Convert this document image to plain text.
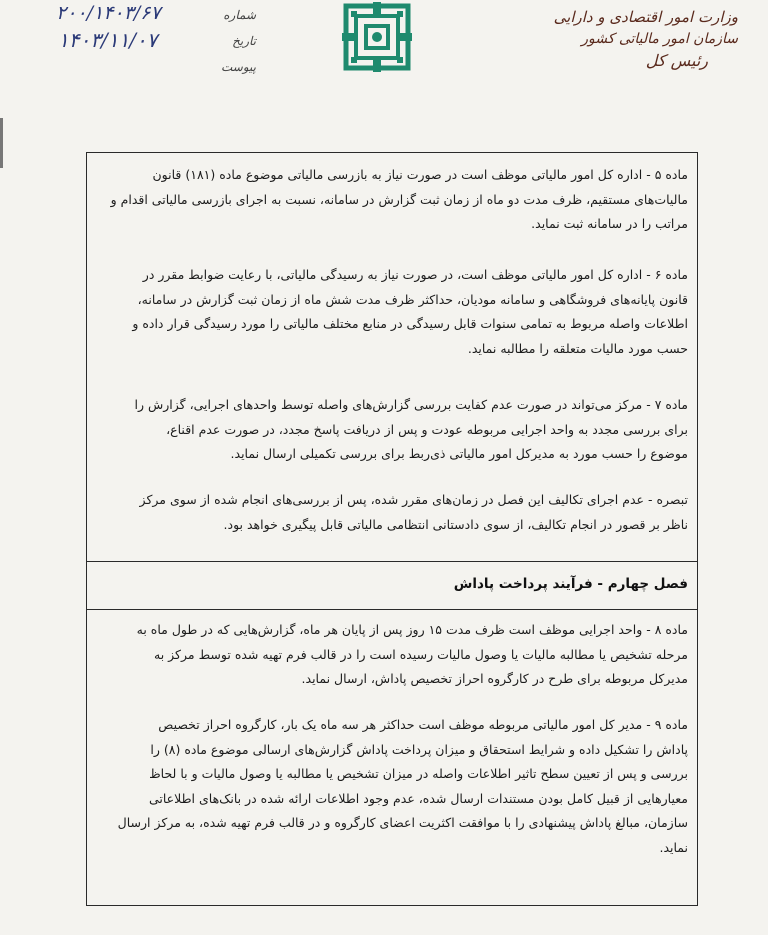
وزارت امور اقتصادی و دارایی
سازمان امور مالیاتی کشور
رئیس کل
شماره
۲۰۰/۱۴۰۳/۶۷
تاریخ
۱۴۰۳/۱۱/۰۷
پیوست
ماده ۵ - اداره کل امور مالیاتی موظف است در صورت نیاز به بازرسی مالیاتی موضوع ماده (۱۸۱) قانون
مالیات‌های مستقیم، ظرف مدت دو ماه از زمان ثبت گزارش در سامانه، نسبت به اجرای بازرسی مالیاتی اقدام و
مراتب را در سامانه ثبت نماید.
ماده ۶ - اداره کل امور مالیاتی موظف است، در صورت نیاز به رسیدگی مالیاتی، با رعایت ضوابط مقرر در
قانون پایانه‌های فروشگاهی و سامانه مودیان، حداکثر ظرف مدت شش ماه از زمان ثبت گزارش در سامانه،
اطلاعات واصله مربوط به تمامی سنوات قابل رسیدگی در منابع مختلف مالیاتی را مورد رسیدگی قرار داده و
حسب مورد مالیات متعلقه را مطالبه نماید.
ماده ۷ - مرکز می‌تواند در صورت عدم کفایت بررسی گزارش‌های واصله توسط واحدهای اجرایی، گزارش را
برای بررسی مجدد به واحد اجرایی مربوطه عودت و پس از دریافت پاسخ مجدد، در صورت عدم اقناع،
موضوع را حسب مورد به مدیرکل امور مالیاتی ذی‌ربط برای بررسی تکمیلی ارسال نماید.
تبصره - عدم اجرای تکالیف این فصل در زمان‌های مقرر شده، پس از بررسی‌های انجام شده از سوی مرکز
ناظر بر قصور در انجام تکالیف، از سوی دادستانی انتظامی مالیاتی قابل پیگیری خواهد بود.
فصل چهارم - فرآیند پرداخت پاداش
ماده ۸ - واحد اجرایی موظف است ظرف مدت ۱۵ روز پس از پایان هر ماه، گزارش‌هایی که در طول ماه به
مرحله تشخیص یا مطالبه مالیات یا وصول مالیات رسیده است را در قالب فرم تهیه شده توسط مرکز به
مدیرکل مربوطه برای طرح در کارگروه احراز تخصیص پاداش، ارسال نماید.
ماده ۹ - مدیر کل امور مالیاتی مربوطه موظف است حداکثر هر سه ماه یک بار، کارگروه احراز تخصیص
پاداش را تشکیل داده و شرایط استحقاق و میزان پرداخت پاداش گزارش‌های ارسالی موضوع ماده (۸) را
بررسی و پس از تعیین سطح تاثیر اطلاعات واصله در میزان تشخیص یا مطالبه یا وصول مالیات و با لحاظ
معیارهایی از قبیل کامل بودن مستندات ارسال شده، عدم وجود اطلاعات ارائه شده در بانک‌های اطلاعاتی
سازمان، مبالغ پاداش پیشنهادی را با موافقت اکثریت اعضای کارگروه و در قالب فرم تهیه شده، به مرکز ارسال
نماید.
